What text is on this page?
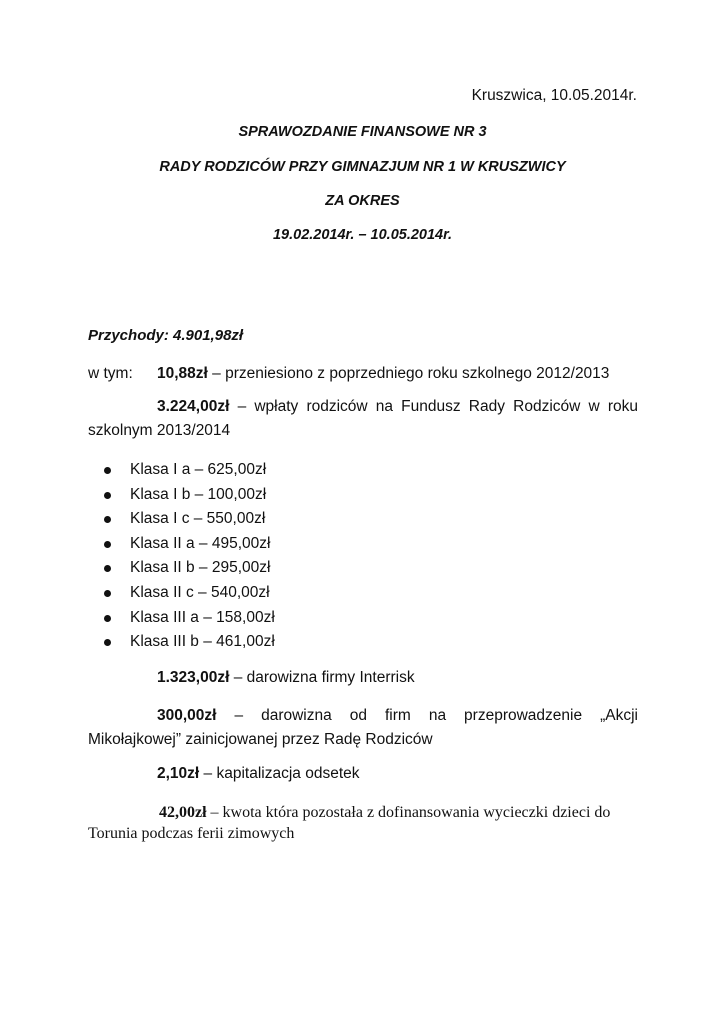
Kruszwica, 10.05.2014r.
SPRAWOZDANIE FINANSOWE NR 3
RADY RODZICÓW PRZY GIMNAZJUM NR 1 W KRUSZWICY
ZA OKRES
19.02.2014r. – 10.05.2014r.
Przychody: 4.901,98zł
w tym: 10,88zł – przeniesiono z poprzedniego roku szkolnego 2012/2013
3.224,00zł – wpłaty rodziców na Fundusz Rady Rodziców w roku
szkolnym 2013/2014
Klasa I a – 625,00zł
Klasa I b – 100,00zł
Klasa I c – 550,00zł
Klasa II a – 495,00zł
Klasa II b – 295,00zł
Klasa II c – 540,00zł
Klasa III a – 158,00zł
Klasa III b – 461,00zł
1.323,00zł – darowizna firmy Interrisk
300,00zł – darowizna od firm na przeprowadzenie „Akcji
Mikołajkowej” zainicjowanej przez Radę Rodziców
2,10zł – kapitalizacja odsetek
42,00zł – kwota która pozostała z dofinansowania wycieczki dzieci do Torunia podczas ferii zimowych
